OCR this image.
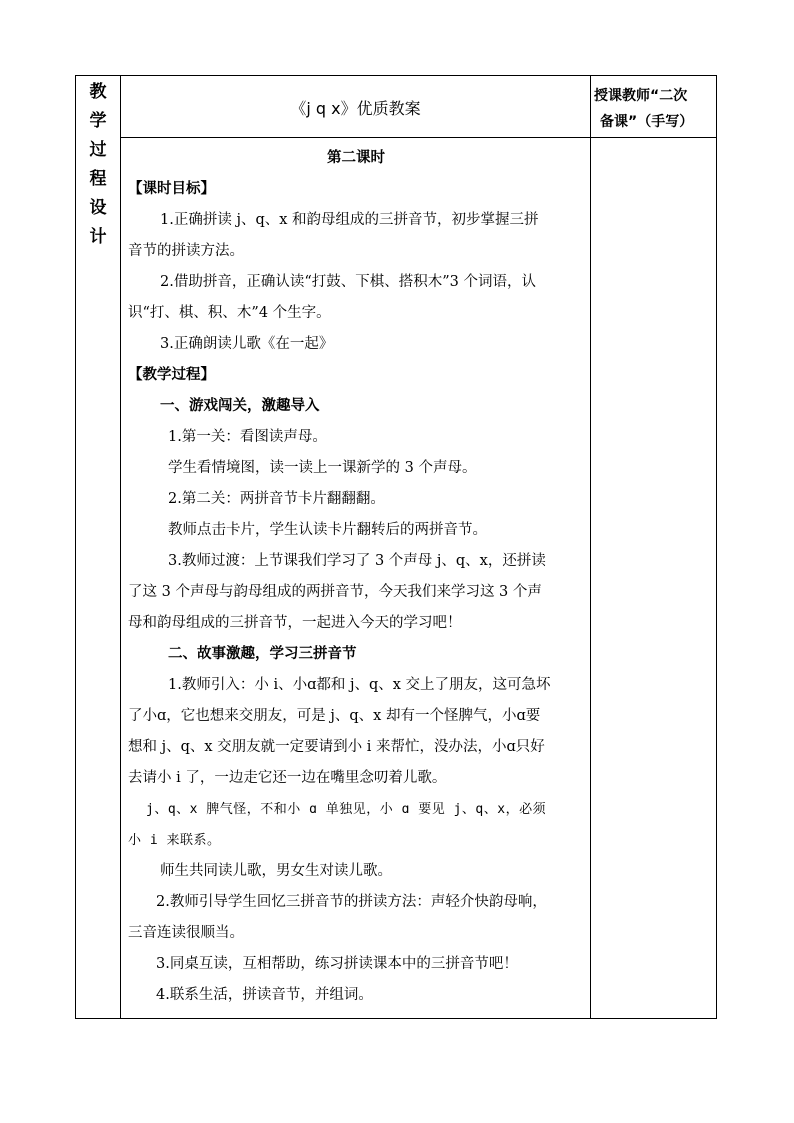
教
学
过
程
设
计
《j q x》优质教案
授课教师“二次
备课”（手写）
第二课时
【课时目标】
1.正确拼读 j、q、x 和韵母组成的三拼音节，初步掌握三拼
音节的拼读方法。
2.借助拼音，正确认读“打鼓、下棋、搭积木”3 个词语，认
识“打、棋、积、木”4 个生字。
3.正确朗读儿歌《在一起》
【教学过程】
一、游戏闯关，激趣导入
1.第一关：看图读声母。
学生看情境图，读一读上一课新学的 3 个声母。
2.第二关：两拼音节卡片翻翻翻。
教师点击卡片，学生认读卡片翻转后的两拼音节。
3.教师过渡：上节课我们学习了 3 个声母 j、q、x，还拼读
了这 3 个声母与韵母组成的两拼音节，今天我们来学习这 3 个声
母和韵母组成的三拼音节，一起进入今天的学习吧！
二、故事激趣，学习三拼音节
1.教师引入：小 i、小ɑ都和 j、q、x 交上了朋友，这可急坏
了小ɑ，它也想来交朋友，可是 j、q、x 却有一个怪脾气，小ɑ要
想和 j、q、x 交朋友就一定要请到小 i 来帮忙，没办法，小ɑ只好
去请小 i 了，一边走它还一边在嘴里念叨着儿歌。
j、q、x 脾气怪，不和小 ɑ 单独见，小 ɑ 要见 j、q、x，必须
小 i 来联系。
师生共同读儿歌，男女生对读儿歌。
2.教师引导学生回忆三拼音节的拼读方法：声轻介快韵母响，
三音连读很顺当。
3.同桌互读，互相帮助，练习拼读课本中的三拼音节吧！
4.联系生活，拼读音节，并组词。
